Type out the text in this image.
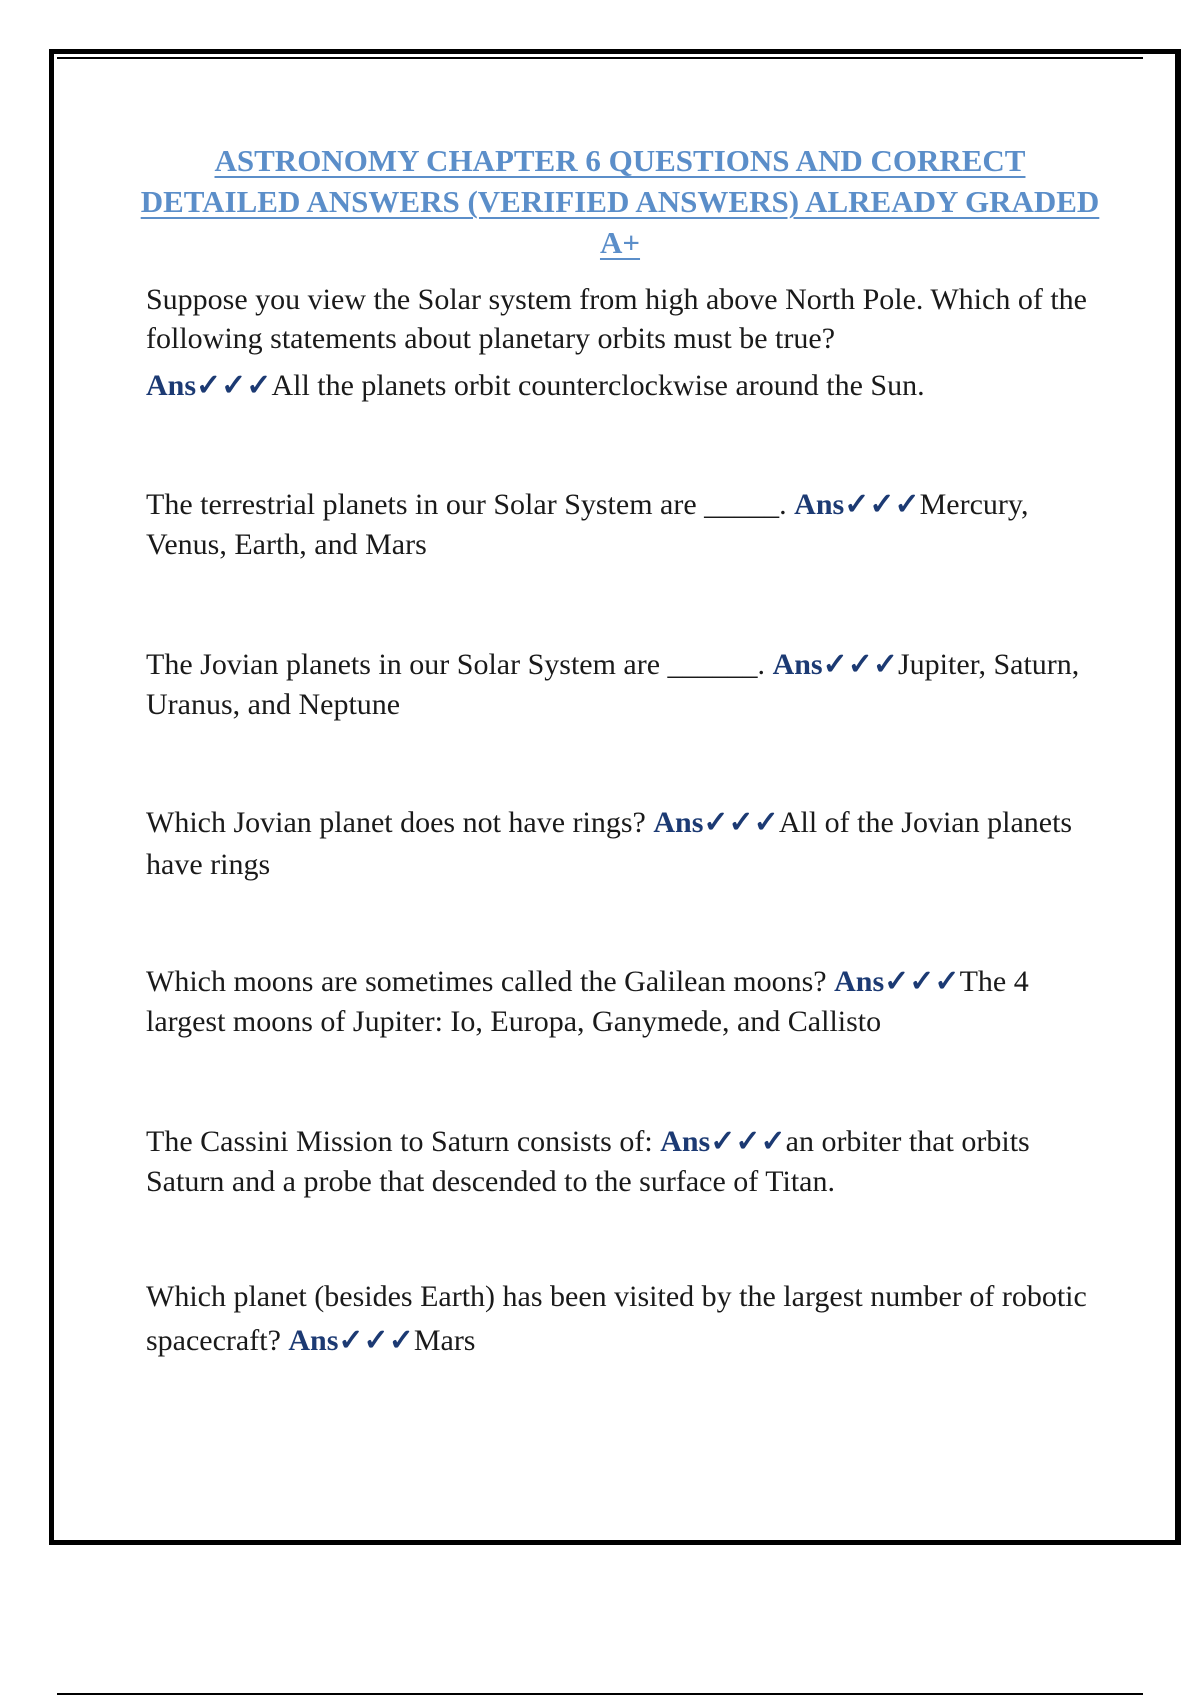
ASTRONOMY CHAPTER 6 QUESTIONS AND CORRECT DETAILED ANSWERS (VERIFIED ANSWERS) ALREADY GRADED A+

Suppose you view the Solar system from high above North Pole. Which of the following statements about planetary orbits must be true?
Ans✓✓✓All the planets orbit counterclockwise around the Sun.

The terrestrial planets in our Solar System are _____. Ans✓✓✓Mercury, Venus, Earth, and Mars

The Jovian planets in our Solar System are ______. Ans✓✓✓Jupiter, Saturn, Uranus, and Neptune

Which Jovian planet does not have rings? Ans✓✓✓All of the Jovian planets have rings

Which moons are sometimes called the Galilean moons? Ans✓✓✓The 4 largest moons of Jupiter: Io, Europa, Ganymede, and Callisto

The Cassini Mission to Saturn consists of: Ans✓✓✓an orbiter that orbits Saturn and a probe that descended to the surface of Titan.

Which planet (besides Earth) has been visited by the largest number of robotic spacecraft? Ans✓✓✓Mars
